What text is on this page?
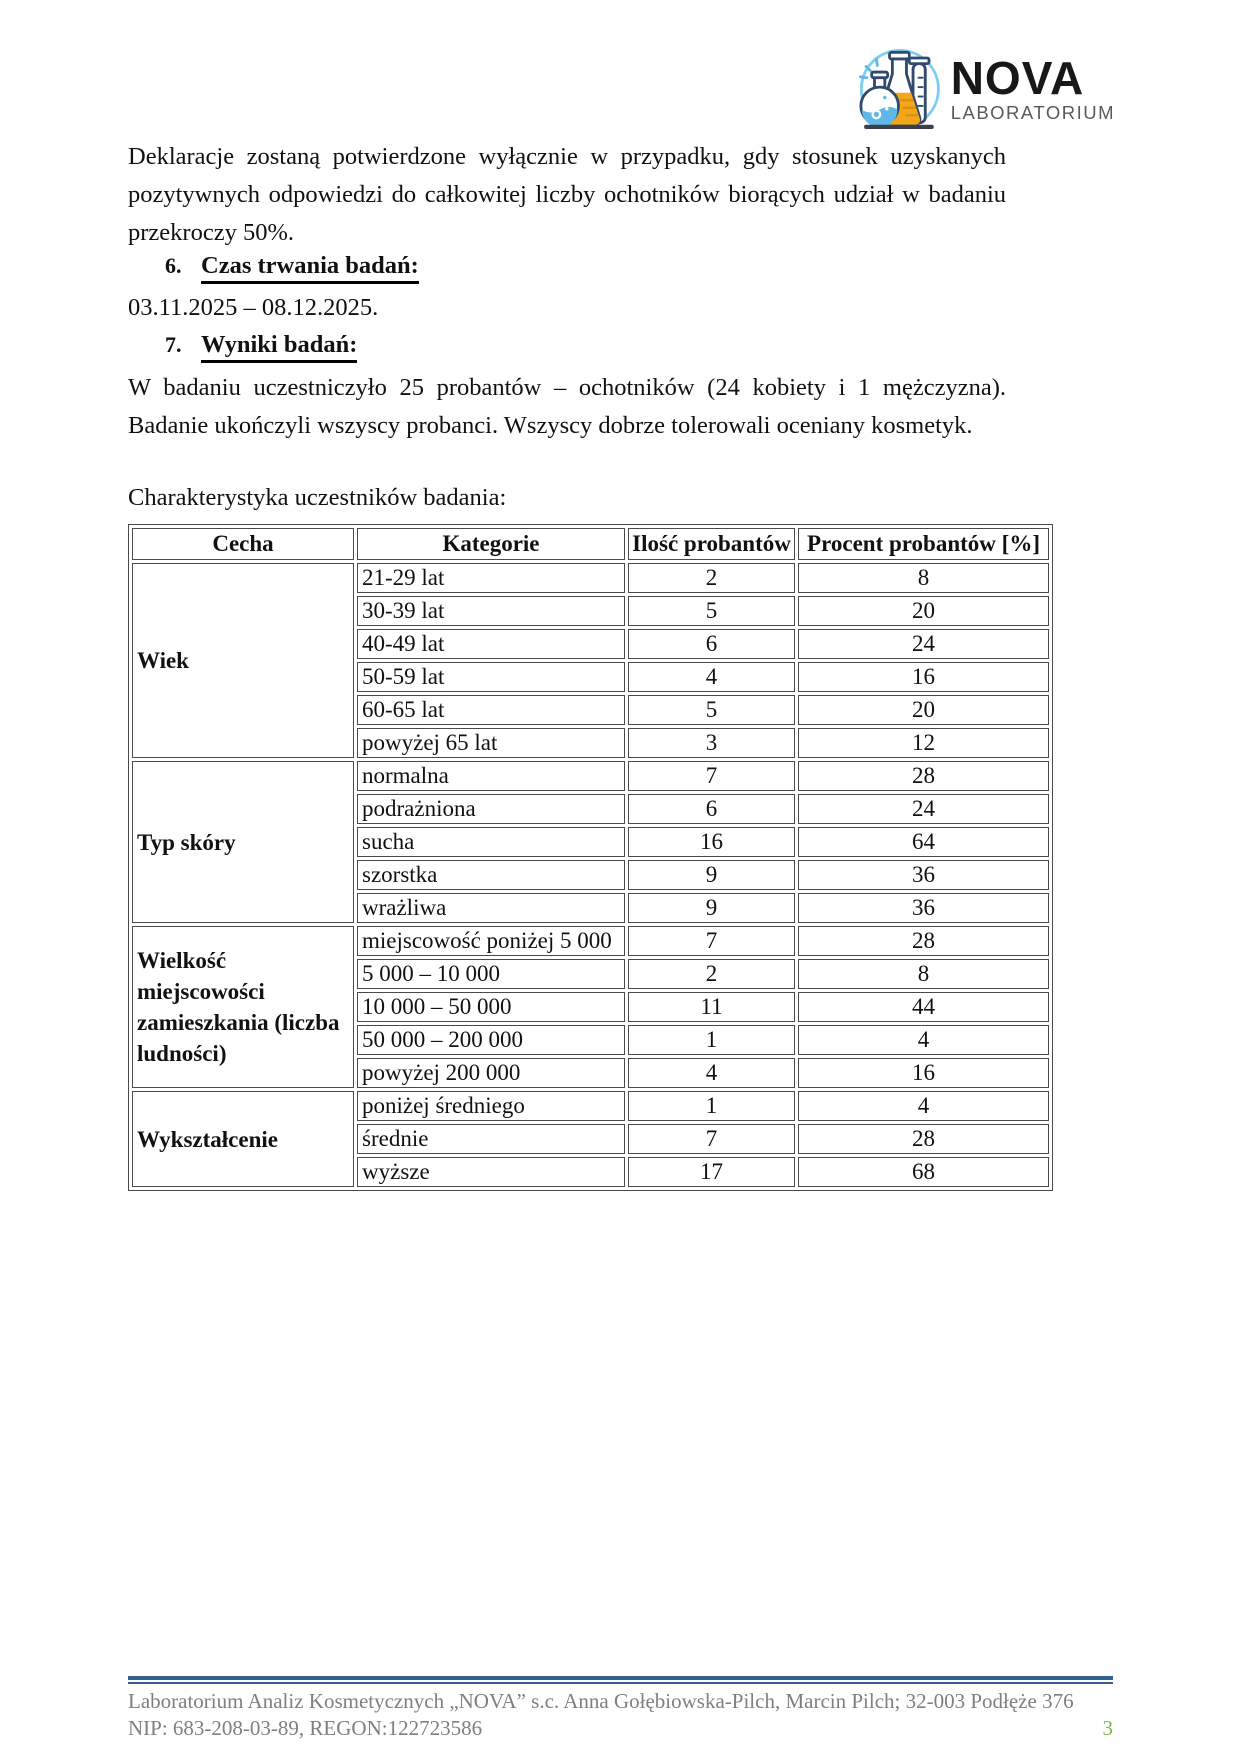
NOVA
LABORATORIUM
Deklaracje zostaną potwierdzone wyłącznie w przypadku, gdy stosunek uzyskanych pozytywnych odpowiedzi do całkowitej liczby ochotników biorących udział w badaniu przekroczy 50%.
6. Czas trwania badań:
03.11.2025 – 08.12.2025.
7. Wyniki badań:
W badaniu uczestniczyło 25 probantów – ochotników (24 kobiety i 1 mężczyzna). Badanie ukończyli wszyscy probanci. Wszyscy dobrze tolerowali oceniany kosmetyk.
Charakterystyka uczestników badania:
Cecha	Kategorie	Ilość probantów	Procent probantów [%]
Wiek	21-29 lat	2	8
	30-39 lat	5	20
	40-49 lat	6	24
	50-59 lat	4	16
	60-65 lat	5	20
	powyżej 65 lat	3	12
Typ skóry	normalna	7	28
	podrażniona	6	24
	sucha	16	64
	szorstka	9	36
	wrażliwa	9	36
Wielkość miejscowości zamieszkania (liczba ludności)	miejscowość poniżej 5 000	7	28
	5 000 – 10 000	2	8
	10 000 – 50 000	11	44
	50 000 – 200 000	1	4
	powyżej 200 000	4	16
Wykształcenie	poniżej średniego	1	4
	średnie	7	28
	wyższe	17	68
Laboratorium Analiz Kosmetycznych „NOVA” s.c. Anna Gołębiowska-Pilch, Marcin Pilch; 32-003 Podłęże 376
NIP: 683-208-03-89, REGON:122723586	3
